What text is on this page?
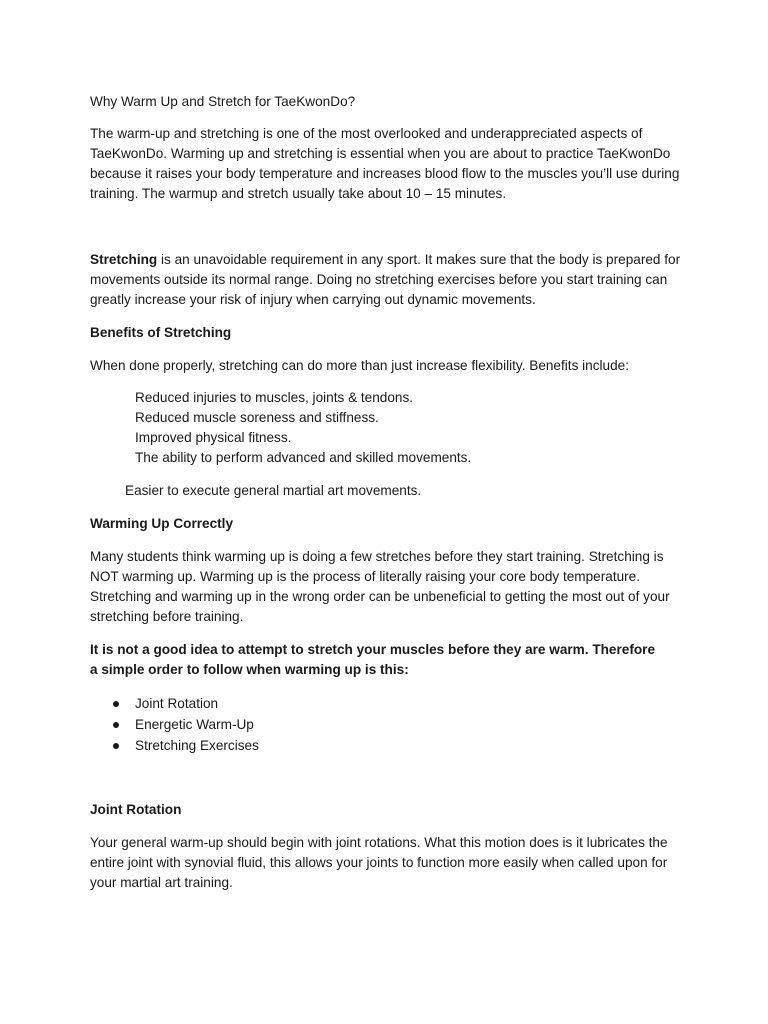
Why Warm Up and Stretch for TaeKwonDo?

The warm-up and stretching is one of the most overlooked and underappreciated aspects of TaeKwonDo. Warming up and stretching is essential when you are about to practice TaeKwonDo because it raises your body temperature and increases blood flow to the muscles you’ll use during training. The warmup and stretch usually take about 10 – 15 minutes.

Stretching is an unavoidable requirement in any sport. It makes sure that the body is prepared for movements outside its normal range. Doing no stretching exercises before you start training can greatly increase your risk of injury when carrying out dynamic movements.

Benefits of Stretching

When done properly, stretching can do more than just increase flexibility. Benefits include:

Reduced injuries to muscles, joints & tendons.
Reduced muscle soreness and stiffness.
Improved physical fitness.
The ability to perform advanced and skilled movements.

Easier to execute general martial art movements.

Warming Up Correctly

Many students think warming up is doing a few stretches before they start training. Stretching is NOT warming up. Warming up is the process of literally raising your core body temperature. Stretching and warming up in the wrong order can be unbeneficial to getting the most out of your stretching before training.

It is not a good idea to attempt to stretch your muscles before they are warm. Therefore a simple order to follow when warming up is this:

Joint Rotation
Energetic Warm-Up
Stretching Exercises

Joint Rotation

Your general warm-up should begin with joint rotations. What this motion does is it lubricates the entire joint with synovial fluid, this allows your joints to function more easily when called upon for your martial art training.
